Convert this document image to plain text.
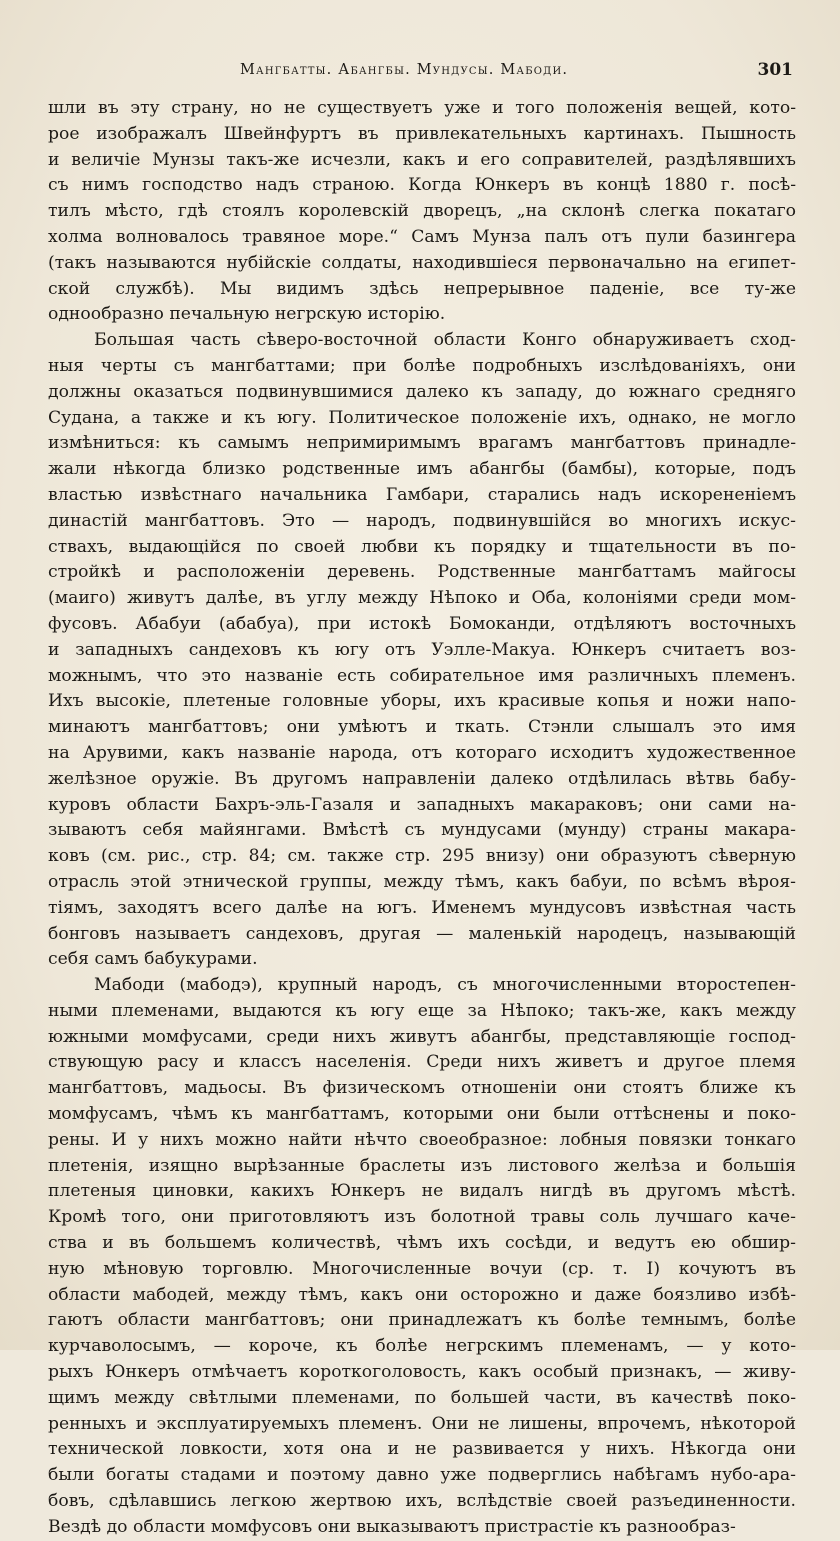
Мангбатты. Абангбы. Мундусы. Мабоди.	301
шли въ эту страну, но не существуетъ уже и того положенія вещей, кото-
рое изображалъ Швейнфуртъ въ привлекательныхъ картинахъ. Пышность
и величіе Мунзы такъ-же исчезли, какъ и его соправителей, раздѣлявшихъ
съ нимъ господство надъ страною. Когда Юнкеръ въ концѣ 1880 г. посѣ-
тилъ мѣсто, гдѣ стоялъ королевскій дворецъ, „на склонѣ слегка покатаго
холма волновалось травяное море.“ Самъ Мунза палъ отъ пули базингера
(такъ называются нубійскіе солдаты, находившіеся первоначально на египет-
ской службѣ). Мы видимъ здѣсь непрерывное паденіе, все ту-же
однообразно печальную негрскую исторію.
Большая часть сѣверо-восточной области Конго обнаруживаетъ сход-
ныя черты съ мангбаттами; при болѣе подробныхъ изслѣдованіяхъ, они
должны оказаться подвинувшимися далеко къ западу, до южнаго средняго
Судана, а также и къ югу. Политическое положеніе ихъ, однако, не могло
измѣниться: къ самымъ непримиримымъ врагамъ мангбаттовъ принадле-
жали нѣкогда близко родственные имъ абангбы (бамбы), которые, подъ
властью извѣстнаго начальника Гамбари, старались надъ искорененіемъ
династій мангбаттовъ. Это — народъ, подвинувшійся во многихъ искус-
ствахъ, выдающійся по своей любви къ порядку и тщательности въ по-
стройкѣ и расположеніи деревень. Родственные мангбаттамъ майгосы
(маиго) живутъ далѣе, въ углу между Нѣпоко и Оба, колоніями среди мом-
фусовъ. Абабуи (абабуа), при истокѣ Бомоканди, отдѣляютъ восточныхъ
и западныхъ сандеховъ къ югу отъ Уэлле-Макуа. Юнкеръ считаетъ воз-
можнымъ, что это названіе есть собирательное имя различныхъ племенъ.
Ихъ высокіе, плетеные головные уборы, ихъ красивые копья и ножи напо-
минаютъ мангбаттовъ; они умѣютъ и ткать. Стэнли слышалъ это имя
на Арувими, какъ названіе народа, отъ котораго исходитъ художественное
желѣзное оружіе. Въ другомъ направленіи далеко отдѣлилась вѣтвь бабу-
куровъ области Бахръ-эль-Газаля и западныхъ макараковъ; они сами на-
зываютъ себя майянгами. Вмѣстѣ съ мундусами (мунду) страны макара-
ковъ (см. рис., стр. 84; см. также стр. 295 внизу) они образуютъ сѣверную
отрасль этой этнической группы, между тѣмъ, какъ бабуи, по всѣмъ вѣроя-
тіямъ, заходятъ всего далѣе на югъ. Именемъ мундусовъ извѣстная часть
бонговъ называетъ сандеховъ, другая — маленькій народецъ, называющій
себя самъ бабукурами.
Мабоди (мабодэ), крупный народъ, съ многочисленными второстепен-
ными племенами, выдаются къ югу еще за Нѣпоко; такъ-же, какъ между
южными момфусами, среди нихъ живутъ абангбы, представляющіе господ-
ствующую расу и классъ населенія. Среди нихъ живетъ и другое племя
мангбаттовъ, мадьосы. Въ физическомъ отношеніи они стоятъ ближе къ
момфусамъ, чѣмъ къ мангбаттамъ, которыми они были оттѣснены и поко-
рены. И у нихъ можно найти нѣчто своеобразное: лобныя повязки тонкаго
плетенія, изящно вырѣзанные браслеты изъ листового желѣза и большія
плетеныя циновки, какихъ Юнкеръ не видалъ нигдѣ въ другомъ мѣстѣ.
Кромѣ того, они приготовляютъ изъ болотной травы соль лучшаго каче-
ства и въ большемъ количествѣ, чѣмъ ихъ сосѣди, и ведутъ ею обшир-
ную мѣновую торговлю. Многочисленные вочуи (ср. т. I) кочуютъ въ
области мабодей, между тѣмъ, какъ они осторожно и даже боязливо избѣ-
гаютъ области мангбаттовъ; они принадлежатъ къ болѣе темнымъ, болѣе
курчаволосымъ, — короче, къ болѣе негрскимъ племенамъ, — у кото-
рыхъ Юнкеръ отмѣчаетъ короткоголовость, какъ особый признакъ, — живу-
щимъ между свѣтлыми племенами, по большей части, въ качествѣ поко-
ренныхъ и эксплуатируемыхъ племенъ. Они не лишены, впрочемъ, нѣкоторой
технической ловкости, хотя она и не развивается у нихъ. Нѣкогда они
были богаты стадами и поэтому давно уже подверглись набѣгамъ нубо-ара-
бовъ, сдѣлавшись легкою жертвою ихъ, вслѣдствіе своей разъединенности.
Вездѣ до области момфусовъ они выказываютъ пристрастіе къ разнообраз-
